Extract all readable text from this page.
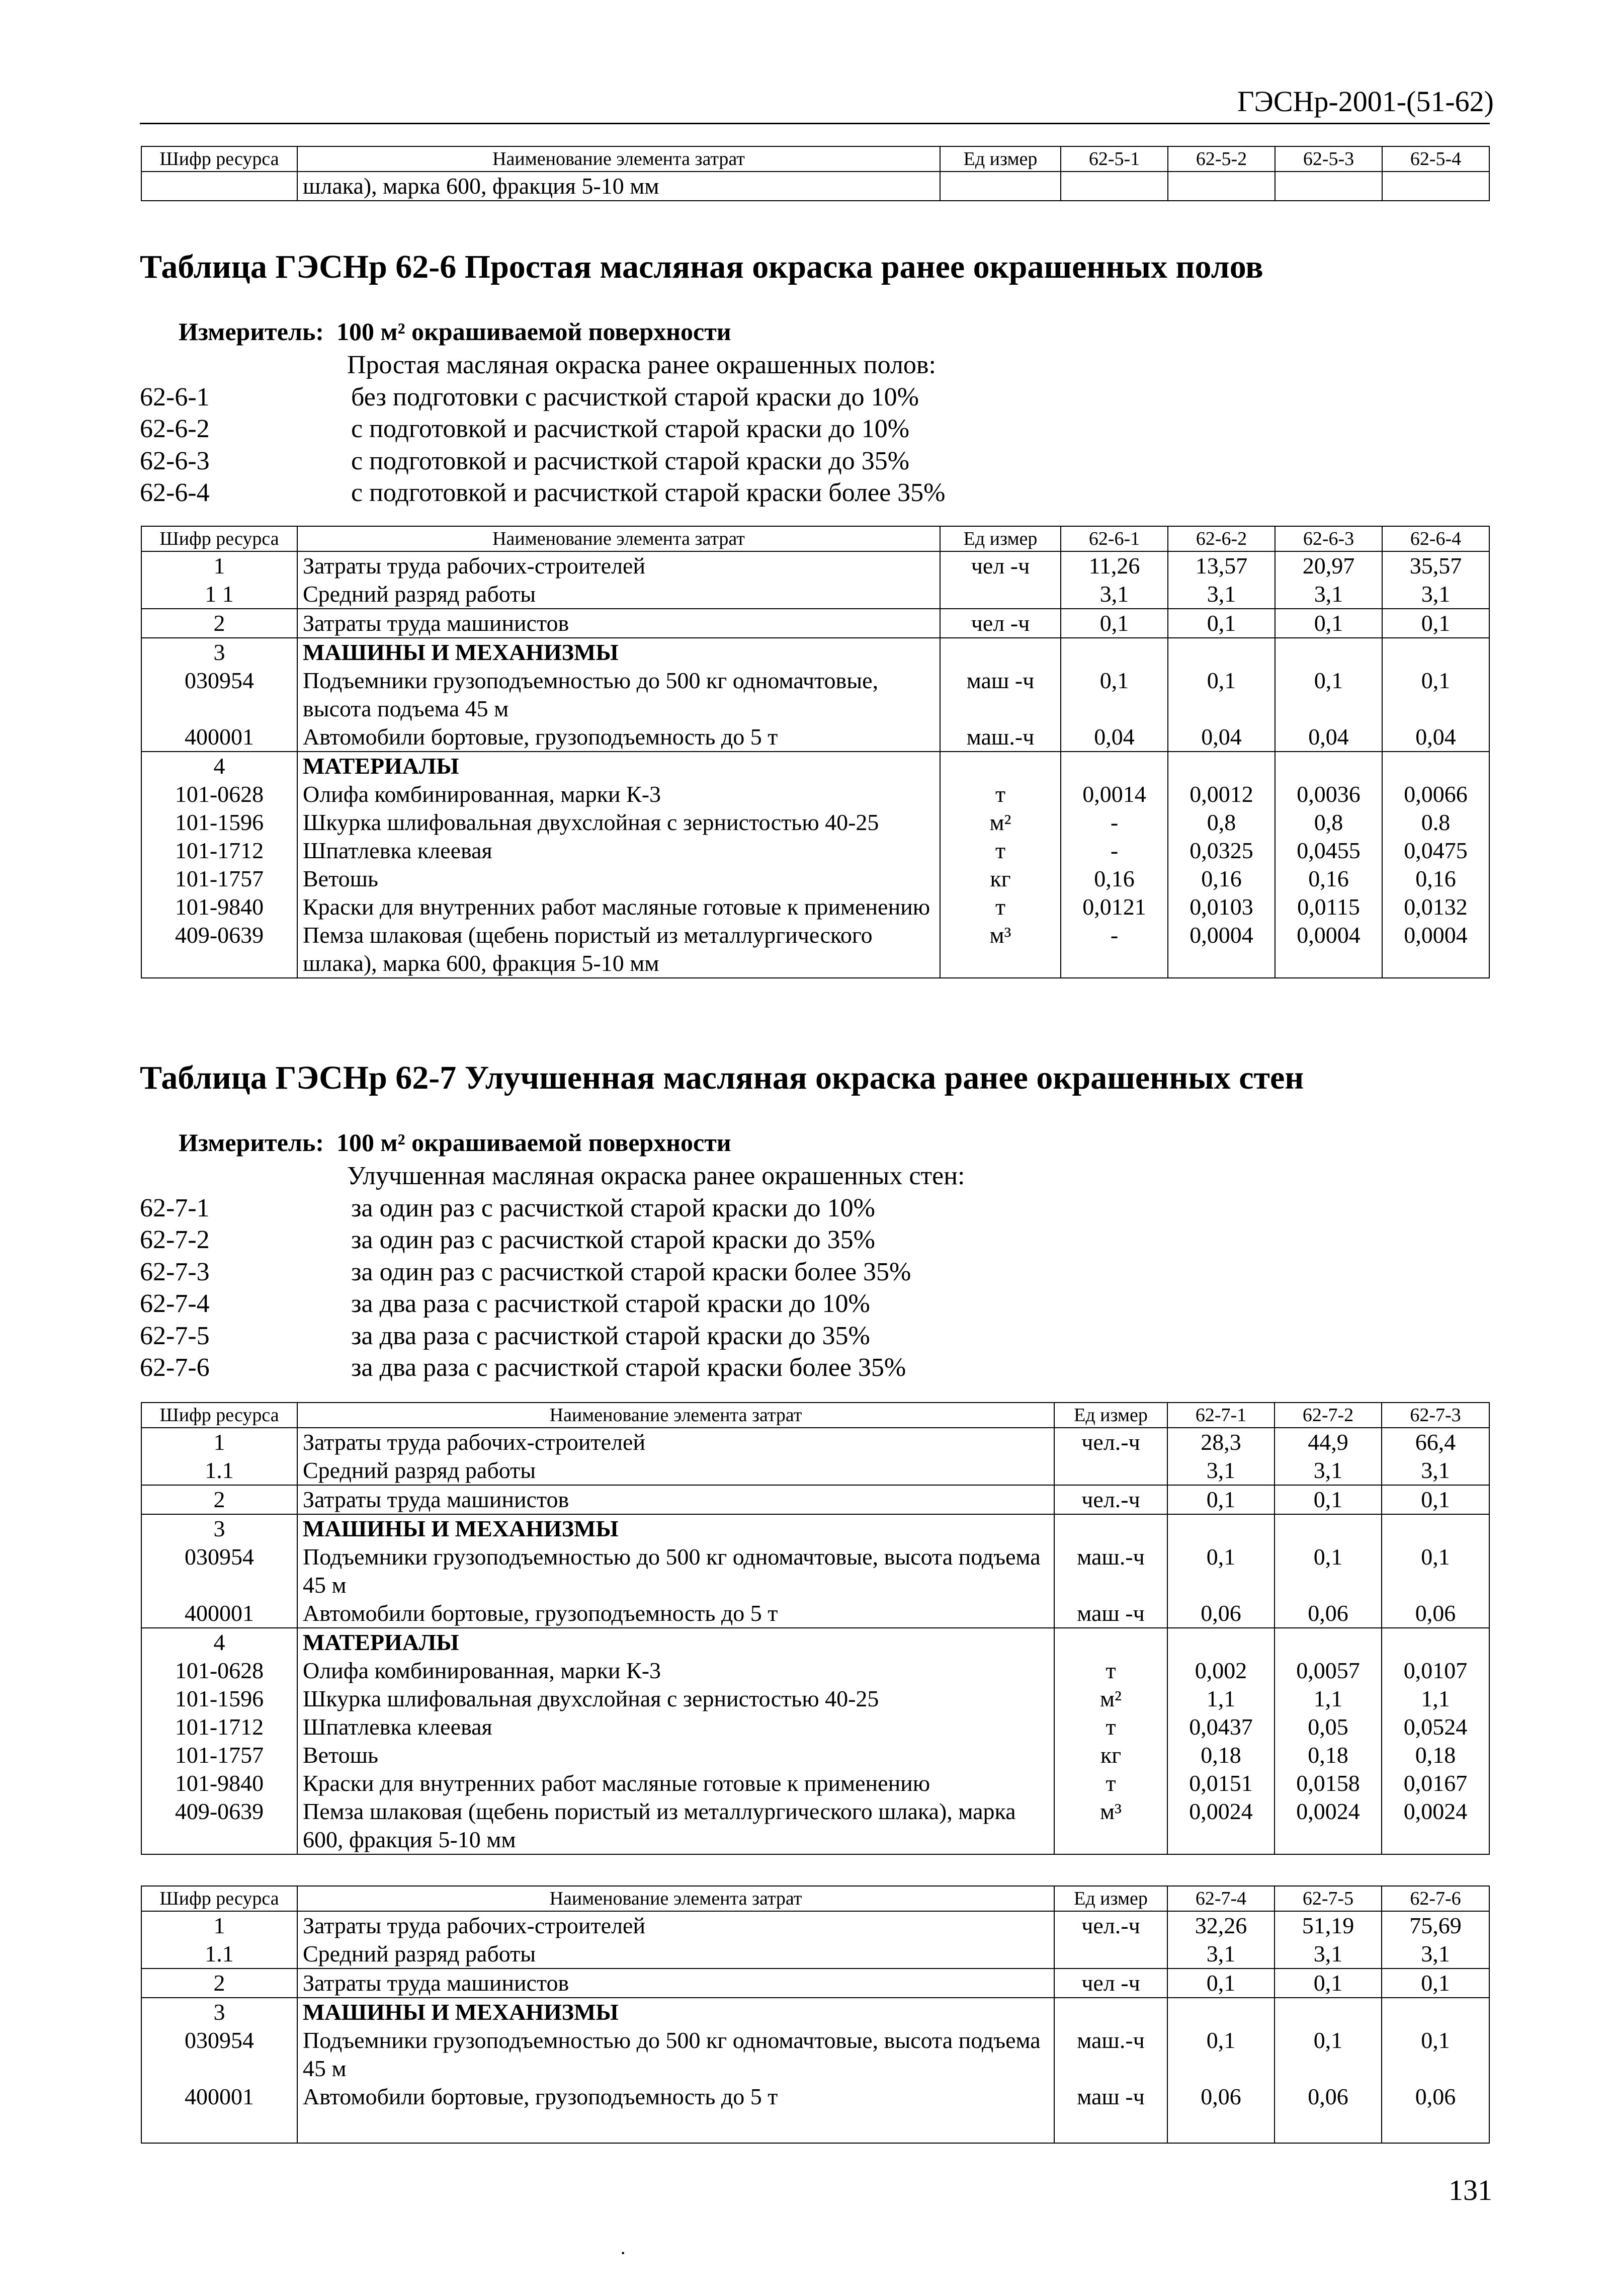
ГЭСНр-2001-(51-62)
Шифр ресурса	Наименование элемента затрат	Ед измер	62-5-1	62-5-2	62-5-3	62-5-4
	шлака), марка 600, фракция 5-10 мм					
Таблица ГЭСНр 62-6 Простая масляная окраска ранее окрашенных полов
Измеритель: 100 м² окрашиваемой поверхности
Простая масляная окраска ранее окрашенных полов:
62-6-1	без подготовки с расчисткой старой краски до 10%
62-6-2	с подготовкой и расчисткой старой краски до 10%
62-6-3	с подготовкой и расчисткой старой краски до 35%
62-6-4	с подготовкой и расчисткой старой краски более 35%
Шифр ресурса	Наименование элемента затрат	Ед измер	62-6-1	62-6-2	62-6-3	62-6-4
1	Затраты труда рабочих-строителей	чел -ч	11,26	13,57	20,97	35,57
1 1	Средний разряд работы		3,1	3,1	3,1	3,1
2	Затраты труда машинистов	чел -ч	0,1	0,1	0,1	0,1
3	МАШИНЫ И МЕХАНИЗМЫ					
030954	Подъемники грузоподъемностью до 500 кг одномачтовые, высота подъема 45 м	маш -ч	0,1	0,1	0,1	0,1
400001	Автомобили бортовые, грузоподъемность до 5 т	маш.-ч	0,04	0,04	0,04	0,04
4	МАТЕРИАЛЫ					
101-0628	Олифа комбинированная, марки К-3	т	0,0014	0,0012	0,0036	0,0066
101-1596	Шкурка шлифовальная двухслойная с зернистостью 40-25	м²	-	0,8	0,8	0.8
101-1712	Шпатлевка клеевая	т	-	0,0325	0,0455	0,0475
101-1757	Ветошь	кг	0,16	0,16	0,16	0,16
101-9840	Краски для внутренних работ масляные готовые к применению	т	0,0121	0,0103	0,0115	0,0132
409-0639	Пемза шлаковая (щебень пористый из металлургического шлака), марка 600, фракция 5-10 мм	м³	-	0,0004	0,0004	0,0004
Таблица ГЭСНр 62-7 Улучшенная масляная окраска ранее окрашенных стен
Измеритель: 100 м² окрашиваемой поверхности
Улучшенная масляная окраска ранее окрашенных стен:
62-7-1	за один раз с расчисткой старой краски до 10%
62-7-2	за один раз с расчисткой старой краски до 35%
62-7-3	за один раз с расчисткой старой краски более 35%
62-7-4	за два раза с расчисткой старой краски до 10%
62-7-5	за два раза с расчисткой старой краски до 35%
62-7-6	за два раза с расчисткой старой краски более 35%
Шифр ресурса	Наименование элемента затрат	Ед измер	62-7-1	62-7-2	62-7-3
1	Затраты труда рабочих-строителей	чел.-ч	28,3	44,9	66,4
1.1	Средний разряд работы		3,1	3,1	3,1
2	Затраты труда машинистов	чел.-ч	0,1	0,1	0,1
3	МАШИНЫ И МЕХАНИЗМЫ				
030954	Подъемники грузоподъемностью до 500 кг одномачтовые, высота подъема 45 м	маш.-ч	0,1	0,1	0,1
400001	Автомобили бортовые, грузоподъемность до 5 т	маш -ч	0,06	0,06	0,06
4	МАТЕРИАЛЫ				
101-0628	Олифа комбинированная, марки К-3	т	0,002	0,0057	0,0107
101-1596	Шкурка шлифовальная двухслойная с зернистостью 40-25	м²	1,1	1,1	1,1
101-1712	Шпатлевка клеевая	т	0,0437	0,05	0,0524
101-1757	Ветошь	кг	0,18	0,18	0,18
101-9840	Краски для внутренних работ масляные готовые к применению	т	0,0151	0,0158	0,0167
409-0639	Пемза шлаковая (щебень пористый из металлургического шлака), марка 600, фракция 5-10 мм	м³	0,0024	0,0024	0,0024
Шифр ресурса	Наименование элемента затрат	Ед измер	62-7-4	62-7-5	62-7-6
1	Затраты труда рабочих-строителей	чел.-ч	32,26	51,19	75,69
1.1	Средний разряд работы		3,1	3,1	3,1
2	Затраты труда машинистов	чел -ч	0,1	0,1	0,1
3	МАШИНЫ И МЕХАНИЗМЫ				
030954	Подъемники грузоподъемностью до 500 кг одномачтовые, высота подъема 45 м	маш.-ч	0,1	0,1	0,1
400001	Автомобили бортовые, грузоподъемность до 5 т	маш -ч	0,06	0,06	0,06
131
·
